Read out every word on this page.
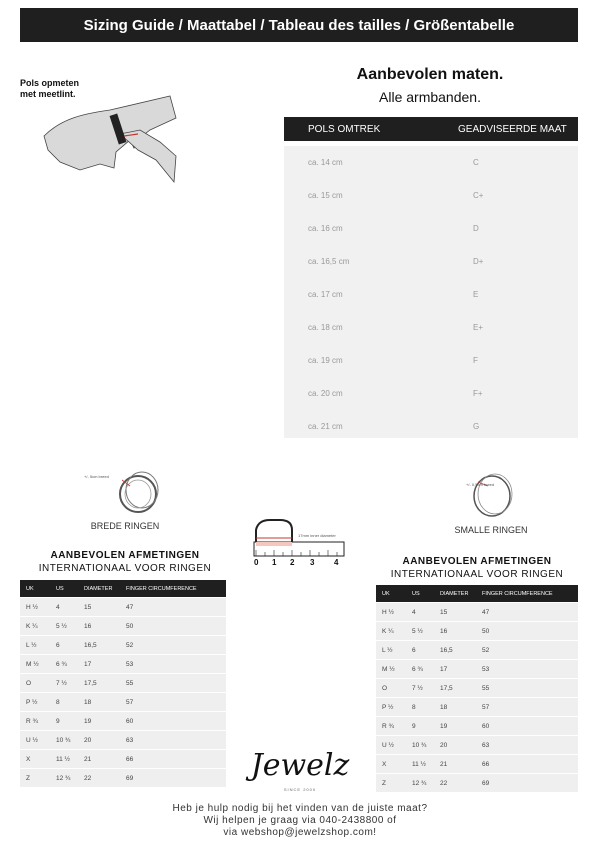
Sizing Guide / Maattabel / Tableau des tailles / Größentabelle
Pols opmeten
met meetlint.
Aanbevolen maten.
Alle armbanden.
POLS OMTREK	GEADVISEERDE MAAT
ca. 14 cm	C
ca. 15 cm	C+
ca. 16 cm	D
ca. 16,5 cm	D+
ca. 17 cm	E
ca. 18 cm	E+
ca. 19 cm	F
ca. 20 cm	F+
ca. 21 cm	G
+/- 5cm breed
BREDE RINGEN
+/- 0,5cm breed
SMALLE RINGEN
17mm inner diameter
0 1 2 3 4
AANBEVOLEN AFMETINGEN
INTERNATIONAAL VOOR RINGEN
UK	US	DIAMETER	FINGER CIRCUMFERENCE
H ½	4	15	47
K ¼	5 ½	16	50
L ½	6	16,5	52
M ½	6 ¾	17	53
O	7 ½	17,5	55
P ½	8	18	57
R ¾	9	19	60
U ½	10 ¾	20	63
X	11 ½	21	66
Z	12 ¾	22	69
AANBEVOLEN AFMETINGEN
INTERNATIONAAL VOOR RINGEN
UK	US	DIAMETER	FINGER CIRCUMFERENCE
H ½	4	15	47
K ¼	5 ½	16	50
L ½	6	16,5	52
M ½	6 ¾	17	53
O	7 ½	17,5	55
P ½	8	18	57
R ¾	9	19	60
U ½	10 ¾	20	63
X	11 ½	21	66
Z	12 ¾	22	69
Jewelz
SINCE 2000
Heb je hulp nodig bij het vinden van de juiste maat?
Wij helpen je graag via 040-2438800 of
via webshop@jewelzshop.com!
